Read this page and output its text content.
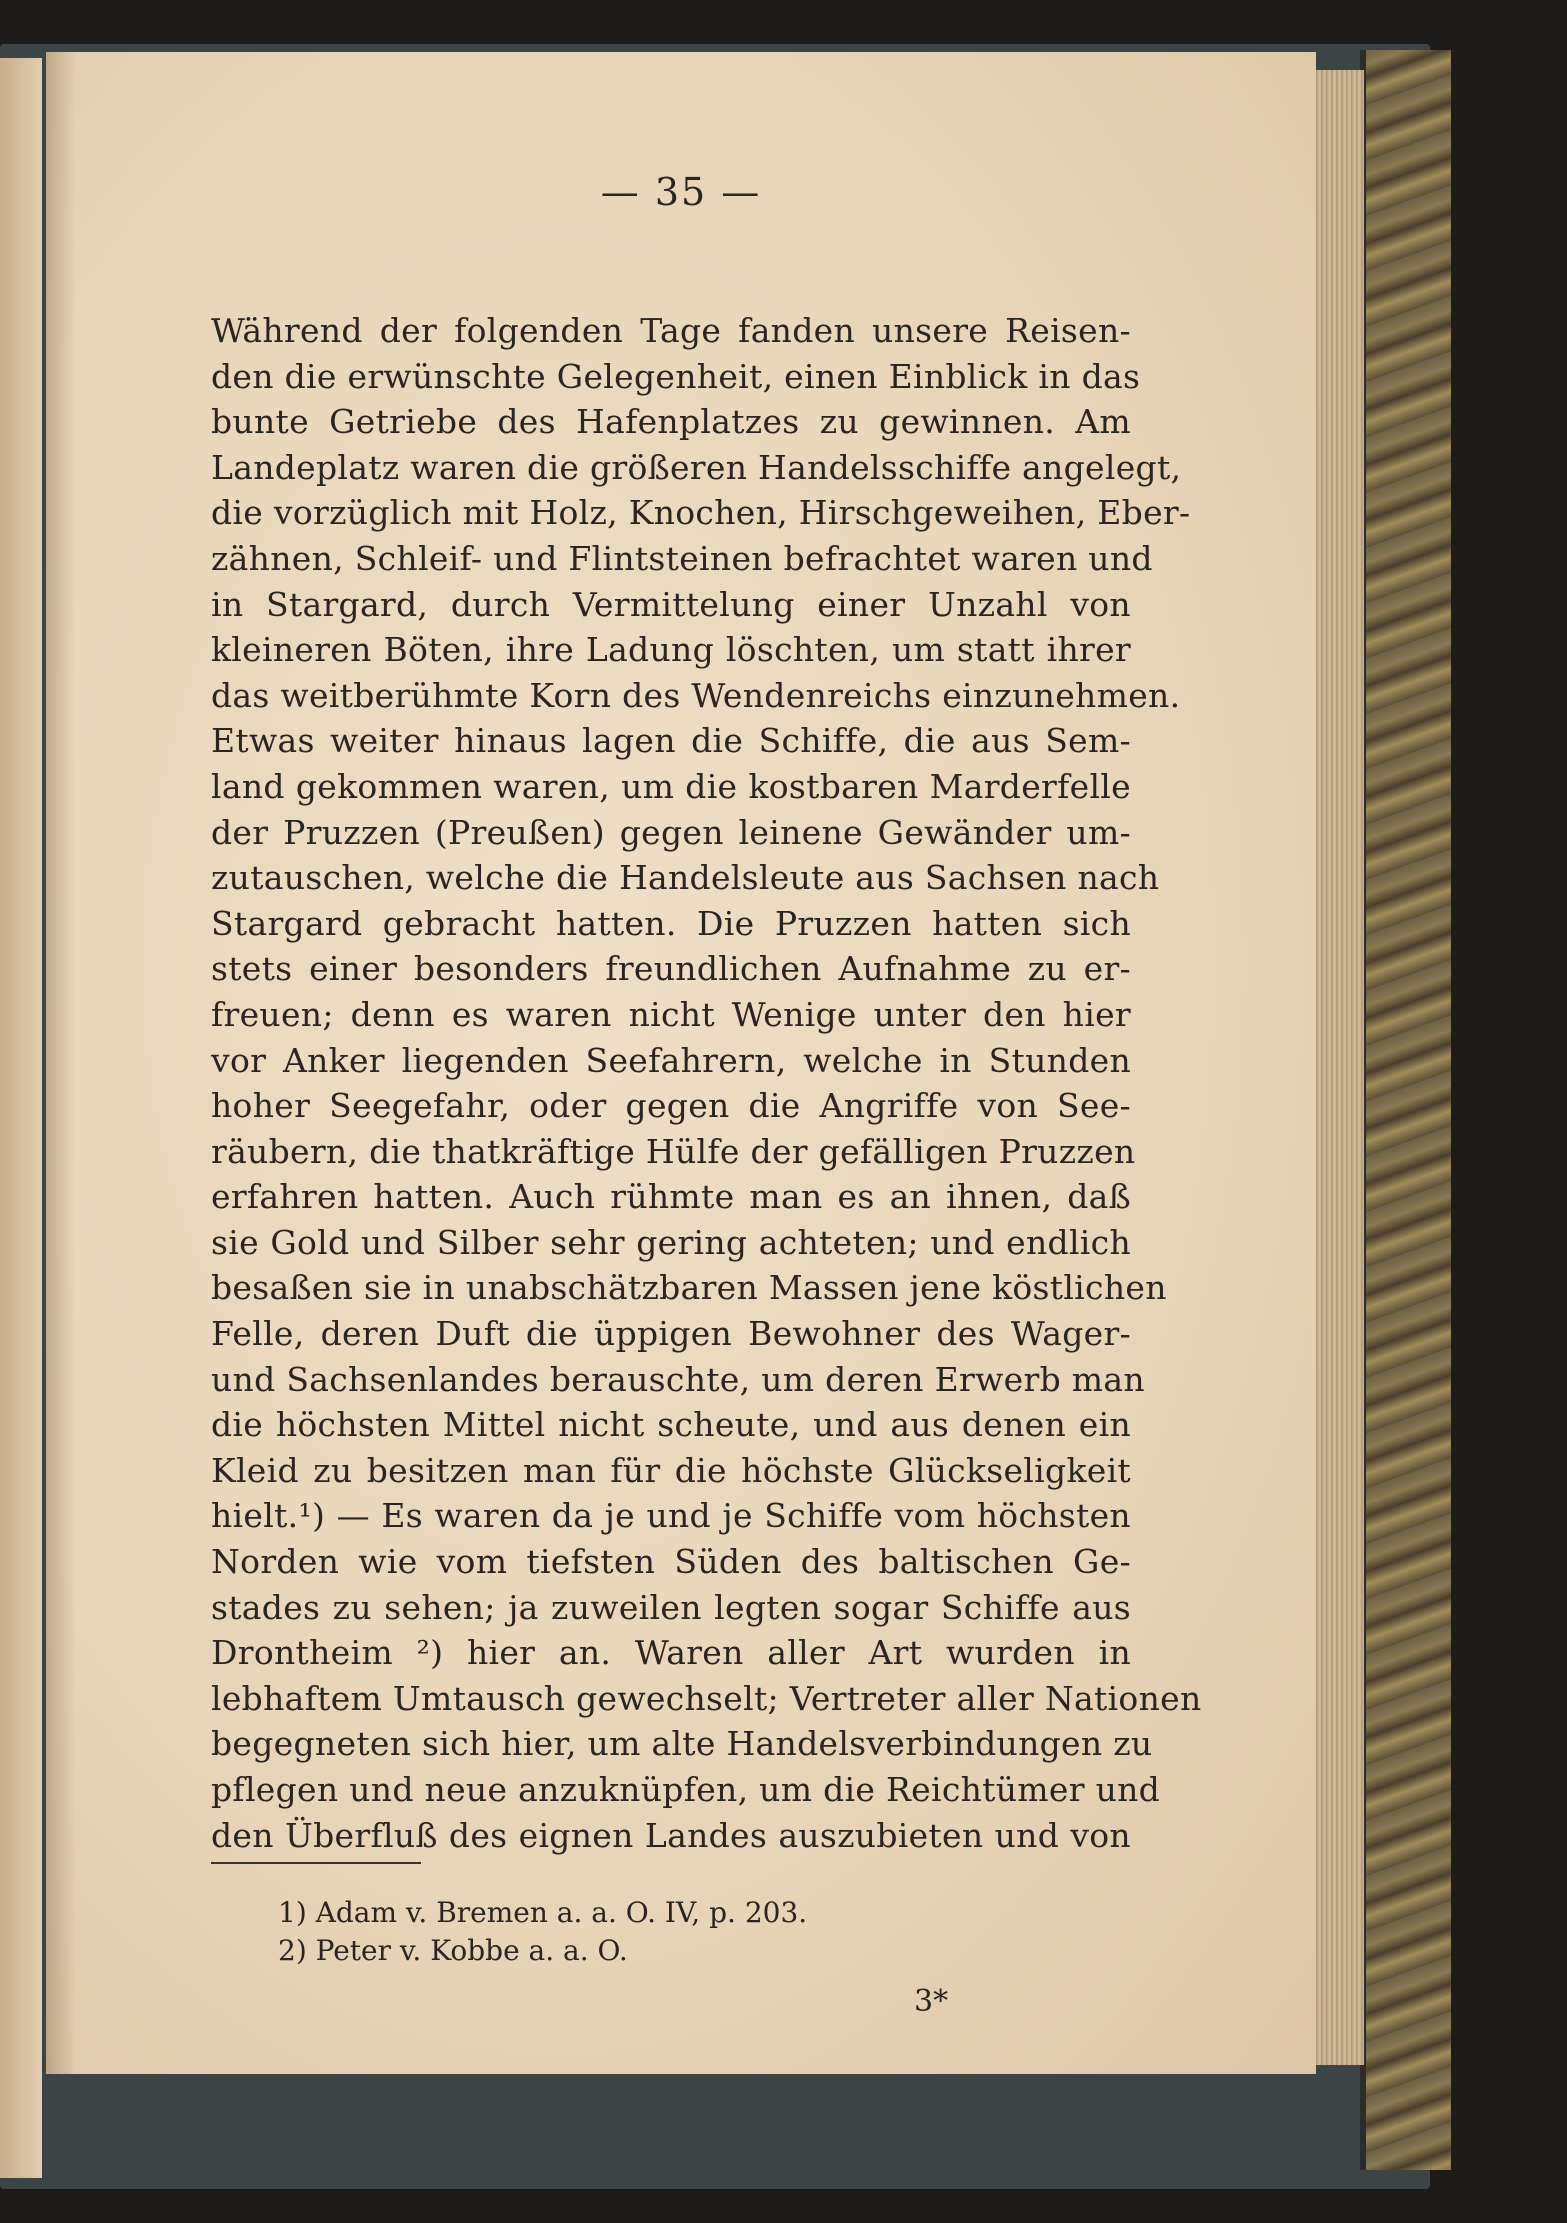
— 35 —
Während der folgenden Tage fanden unsere Reisen-
den die erwünschte Gelegenheit, einen Einblick in das
bunte Getriebe des Hafenplatzes zu gewinnen. Am
Landeplatz waren die größeren Handelsschiffe angelegt,
die vorzüglich mit Holz, Knochen, Hirschgeweihen, Eber-
zähnen, Schleif- und Flintsteinen befrachtet waren und
in Stargard, durch Vermittelung einer Unzahl von
kleineren Böten, ihre Ladung löschten, um statt ihrer
das weitberühmte Korn des Wendenreichs einzunehmen.
Etwas weiter hinaus lagen die Schiffe, die aus Sem-
land gekommen waren, um die kostbaren Marderfelle
der Pruzzen (Preußen) gegen leinene Gewänder um-
zutauschen, welche die Handelsleute aus Sachsen nach
Stargard gebracht hatten. Die Pruzzen hatten sich
stets einer besonders freundlichen Aufnahme zu er-
freuen; denn es waren nicht Wenige unter den hier
vor Anker liegenden Seefahrern, welche in Stunden
hoher Seegefahr, oder gegen die Angriffe von See-
räubern, die thatkräftige Hülfe der gefälligen Pruzzen
erfahren hatten. Auch rühmte man es an ihnen, daß
sie Gold und Silber sehr gering achteten; und endlich
besaßen sie in unabschätzbaren Massen jene köstlichen
Felle, deren Duft die üppigen Bewohner des Wager-
und Sachsenlandes berauschte, um deren Erwerb man
die höchsten Mittel nicht scheute, und aus denen ein
Kleid zu besitzen man für die höchste Glückseligkeit
hielt.¹) — Es waren da je und je Schiffe vom höchsten
Norden wie vom tiefsten Süden des baltischen Ge-
stades zu sehen; ja zuweilen legten sogar Schiffe aus
Drontheim ²) hier an. Waren aller Art wurden in
lebhaftem Umtausch gewechselt; Vertreter aller Nationen
begegneten sich hier, um alte Handelsverbindungen zu
pflegen und neue anzuknüpfen, um die Reichtümer und
den Überfluß des eignen Landes auszubieten und von
1) Adam v. Bremen a. a. O. IV, p. 203.
2) Peter v. Kobbe a. a. O.
3*
